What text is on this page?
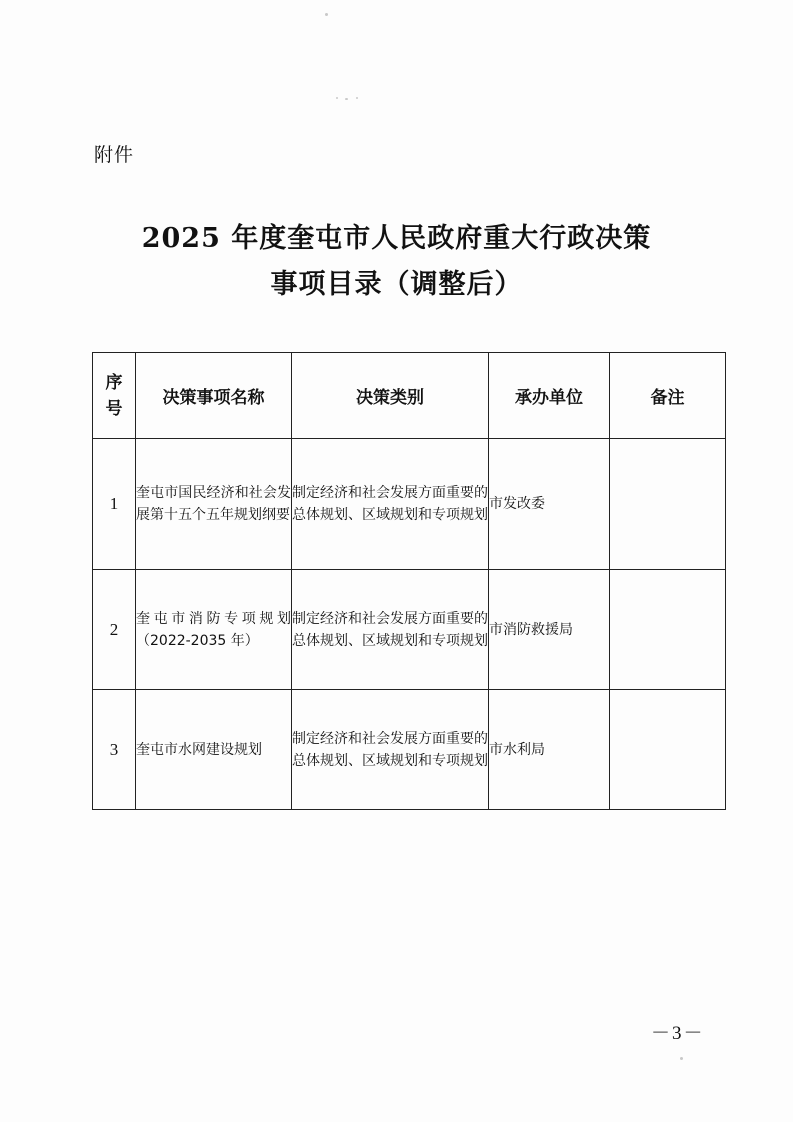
附件
2025 年度奎屯市人民政府重大行政决策
事项目录（调整后）
序
号	决策事项名称	决策类别	承办单位	备注
1	奎屯市国民经济和社会发展第十五个五年规划纲要	制定经济和社会发展方面重要的总体规划、区域规划和专项规划	市发改委	
2	奎屯市消防专项规划（2022-2035 年）	制定经济和社会发展方面重要的总体规划、区域规划和专项规划	市消防救援局	
3	奎屯市水网建设规划	制定经济和社会发展方面重要的总体规划、区域规划和专项规划	市水利局	
－3－
